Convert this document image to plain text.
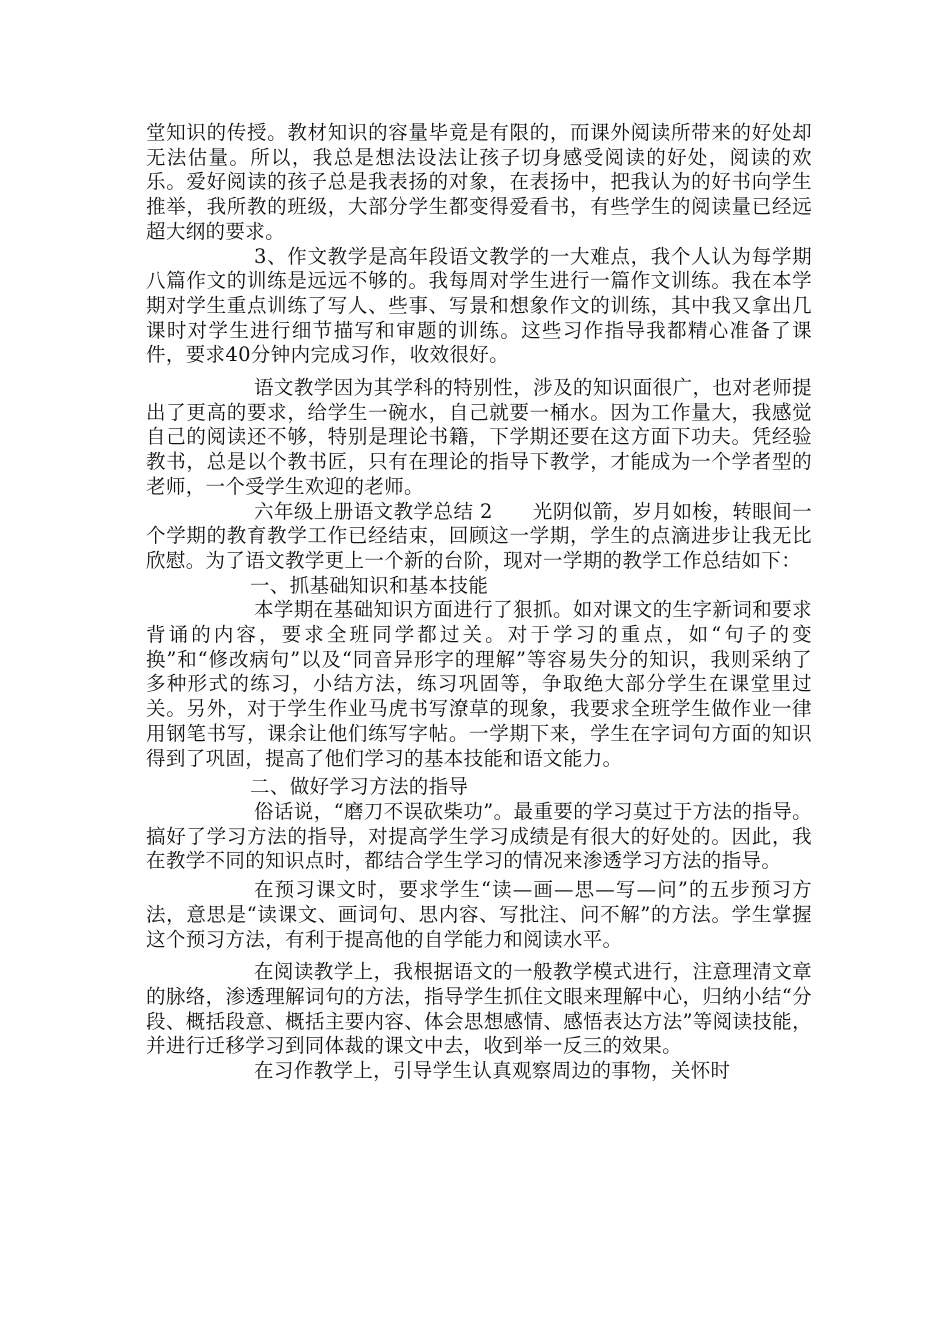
堂知识的传授。教材知识的容量毕竟是有限的，而课外阅读所带来的好处却无法估量。所以，我总是想法设法让孩子切身感受阅读的好处，阅读的欢乐。爱好阅读的孩子总是我表扬的对象，在表扬中，把我认为的好书向学生推举，我所教的班级，大部分学生都变得爱看书，有些学生的阅读量已经远超大纲的要求。

3、作文教学是高年段语文教学的一大难点，我个人认为每学期八篇作文的训练是远远不够的。我每周对学生进行一篇作文训练。我在本学期对学生重点训练了写人、些事、写景和想象作文的训练，其中我又拿出几课时对学生进行细节描写和审题的训练。这些习作指导我都精心准备了课件，要求40分钟内完成习作，收效很好。

语文教学因为其学科的特别性，涉及的知识面很广，也对老师提出了更高的要求，给学生一碗水，自己就要一桶水。因为工作量大，我感觉自己的阅读还不够，特别是理论书籍，下学期还要在这方面下功夫。凭经验教书，总是以个教书匠，只有在理论的指导下教学，才能成为一个学者型的老师，一个受学生欢迎的老师。

六年级上册语文教学总结 2 光阴似箭，岁月如梭，转眼间一个学期的教育教学工作已经结束，回顾这一学期，学生的点滴进步让我无比欣慰。为了语文教学更上一个新的台阶，现对一学期的教学工作总结如下：

一、抓基础知识和基本技能

本学期在基础知识方面进行了狠抓。如对课文的生字新词和要求背诵的内容，要求全班同学都过关。对于学习的重点，如“句子的变换”和“修改病句”以及“同音异形字的理解”等容易失分的知识，我则采纳了多种形式的练习，小结方法，练习巩固等，争取绝大部分学生在课堂里过关。另外，对于学生作业马虎书写潦草的现象，我要求全班学生做作业一律用钢笔书写，课余让他们练写字帖。一学期下来，学生在字词句方面的知识得到了巩固，提高了他们学习的基本技能和语文能力。

二、做好学习方法的指导

俗话说，“磨刀不误砍柴功”。最重要的学习莫过于方法的指导。搞好了学习方法的指导，对提高学生学习成绩是有很大的好处的。因此，我在教学不同的知识点时，都结合学生学习的情况来渗透学习方法的指导。

在预习课文时，要求学生“读—画—思—写—问”的五步预习方法，意思是“读课文、画词句、思内容、写批注、问不解”的方法。学生掌握这个预习方法，有利于提高他的自学能力和阅读水平。

在阅读教学上，我根据语文的一般教学模式进行，注意理清文章的脉络，渗透理解词句的方法，指导学生抓住文眼来理解中心，归纳小结“分段、概括段意、概括主要内容、体会思想感情、感悟表达方法”等阅读技能，并进行迁移学习到同体裁的课文中去，收到举一反三的效果。

在习作教学上，引导学生认真观察周边的事物，关怀时
